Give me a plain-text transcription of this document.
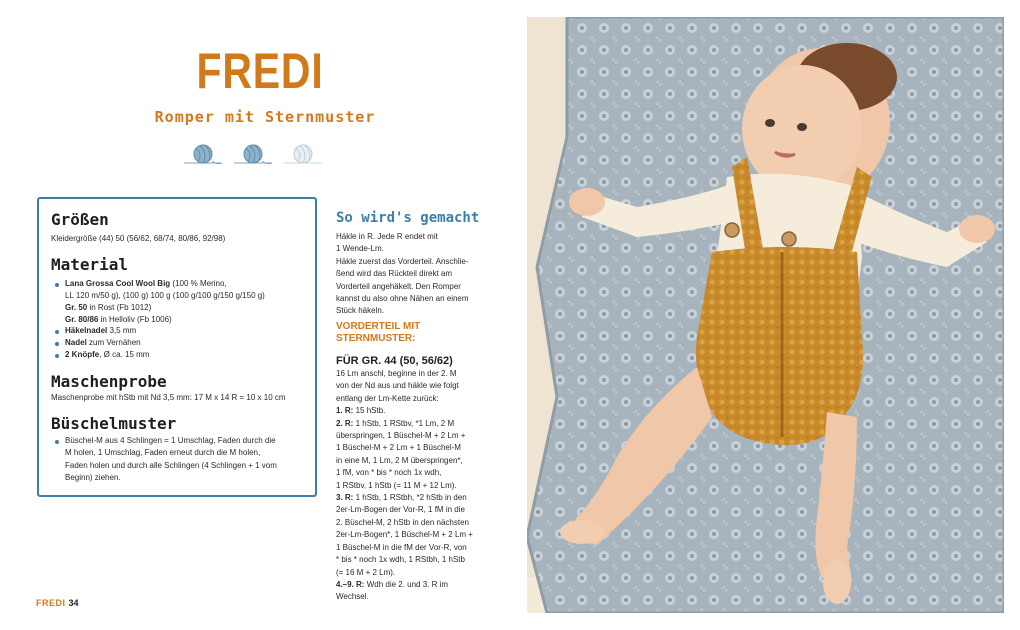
FREDI
Romper mit Sternmuster
Größen
Kleidergröße (44) 50 (56/62, 68/74, 80/86, 92/98)
Material
Lana Grossa Cool Wool Big (100 % Merino,
LL 120 m/50 g), (100 g) 100 g (100 g/100 g/150 g/150 g)
Gr. 50 in Rost (Fb 1012)
Gr. 80/86 in Helloliv (Fb 1006)
Häkelnadel 3,5 mm
Nadel zum Vernähen
2 Knöpfe, Ø ca. 15 mm
Maschenprobe
Maschenprobe mit hStb mit Nd 3,5 mm: 17 M x 14 R = 10 x 10 cm
Büschelmuster
Büschel-M aus 4 Schlingen = 1 Umschlag, Faden durch die
M holen, 1 Umschlag, Faden erneut durch die M holen,
Faden holen und durch alle Schlingen (4 Schlingen + 1 vom
Beginn) ziehen.
So wird's gemacht
Häkle in R. Jede R endet mit
1 Wende-Lm.
Häkle zuerst das Vorderteil. Anschlie-
ßend wird das Rückteil direkt am
Vorderteil angehäkelt. Den Romper
kannst du also ohne Nähen an einem
Stück häkeln.
VORDERTEIL MIT
STERNMUSTER:
FÜR GR. 44 (50, 56/62)
16 Lm anschl, beginne in der 2. M
von der Nd aus und häkle wie folgt
entlang der Lm-Kette zurück:
1. R: 15 hStb.
2. R: 1 hStb, 1 RStbv, *1 Lm, 2 M
überspringen, 1 Büschel-M + 2 Lm +
1 Büschel-M + 2 Lm + 1 Büschel-M
in eine M, 1 Lm, 2 M überspringen*,
1 fM, von * bis * noch 1x wdh,
1 RStbv, 1 hStb (= 11 M + 12 Lm).
3. R: 1 hStb, 1 RStbh, *2 hStb in den
2er-Lm-Bogen der Vor-R, 1 fM in die
2. Büschel-M, 2 hStb in den nächsten
2er-Lm-Bogen*, 1 Büschel-M + 2 Lm +
1 Büschel-M in die fM der Vor-R, von
* bis * noch 1x wdh, 1 RStbh, 1 hStb
(= 16 M + 2 Lm).
4.–9. R: Wdh die 2. und 3. R im
Wechsel.
FREDI 34
